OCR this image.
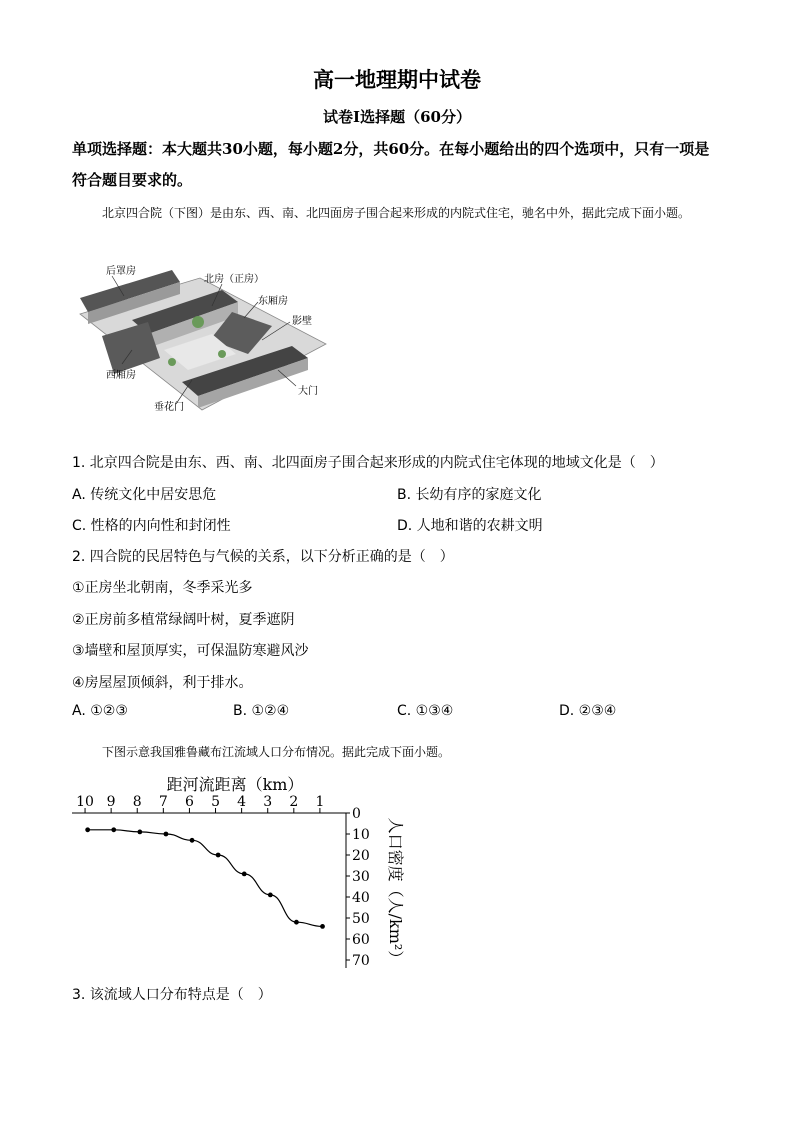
高一地理期中试卷
试卷Ⅰ选择题（60分）
单项选择题：本大题共30小题，每小题2分，共60分。在每小题给出的四个选项中，只有一项是符合题目要求的。
北京四合院（下图）是由东、西、南、北四面房子围合起来形成的内院式住宅，驰名中外，据此完成下面小题。
后罩房
北房（正房）
东厢房
影壁
西厢房
大门
垂花门
1. 北京四合院是由东、西、南、北四面房子围合起来形成的内院式住宅体现的地域文化是（　）
A. 传统文化中居安思危	B. 长幼有序的家庭文化
C. 性格的内向性和封闭性	D. 人地和谐的农耕文明
2. 四合院的民居特色与气候的关系，以下分析正确的是（　）
①正房坐北朝南，冬季采光多
②正房前多植常绿阔叶树，夏季遮阴
③墙壁和屋顶厚实，可保温防寒避风沙
④房屋屋顶倾斜，利于排水。
A. ①②③	B. ①②④	C. ①③④	D. ②③④
下图示意我国雅鲁藏布江流域人口分布情况。据此完成下面小题。
距河流距离（km）
10 9 8 7 6 5 4 3 2 1
0
10
20
30
40
50
60
70 人口密度（人/km²）
3. 该流域人口分布特点是（　）
